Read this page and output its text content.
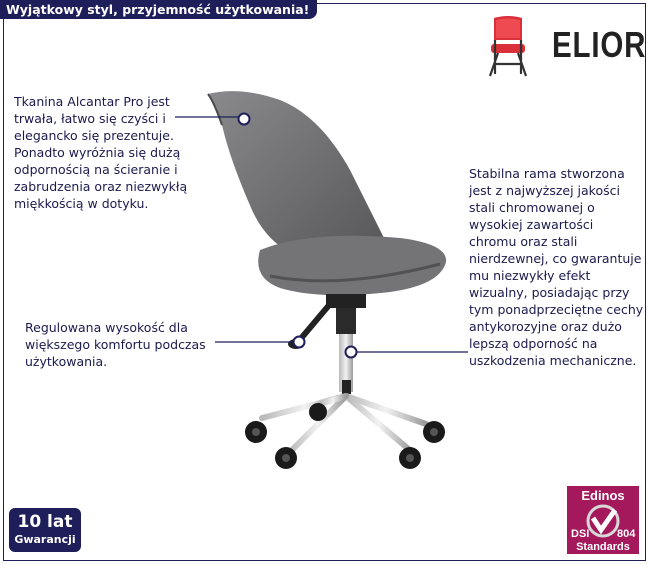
Wyjątkowy styl, przyjemność użytkowania!
ELIOR
Tkanina Alcantar Pro jest trwała, łatwo się czyści i elegancko się prezentuje. Ponadto wyróżnia się dużą odpornością na ścieranie i zabrudzenia oraz niezwykłą miękkością w dotyku.
Regulowana wysokość dla większego komfortu podczas użytkowania.
Stabilna rama stworzona jest z najwyższej jakości stali chromowanej o wysokiej zawartości chromu oraz stali nierdzewnej, co gwarantuje mu niezwykły efekt wizualny, posiadając przy tym ponadprzeciętne cechy antykorozyjne oraz dużo lepszą odporność na uszkodzenia mechaniczne.
10 lat
Gwarancji
Edinos
DSI	804
Standards
